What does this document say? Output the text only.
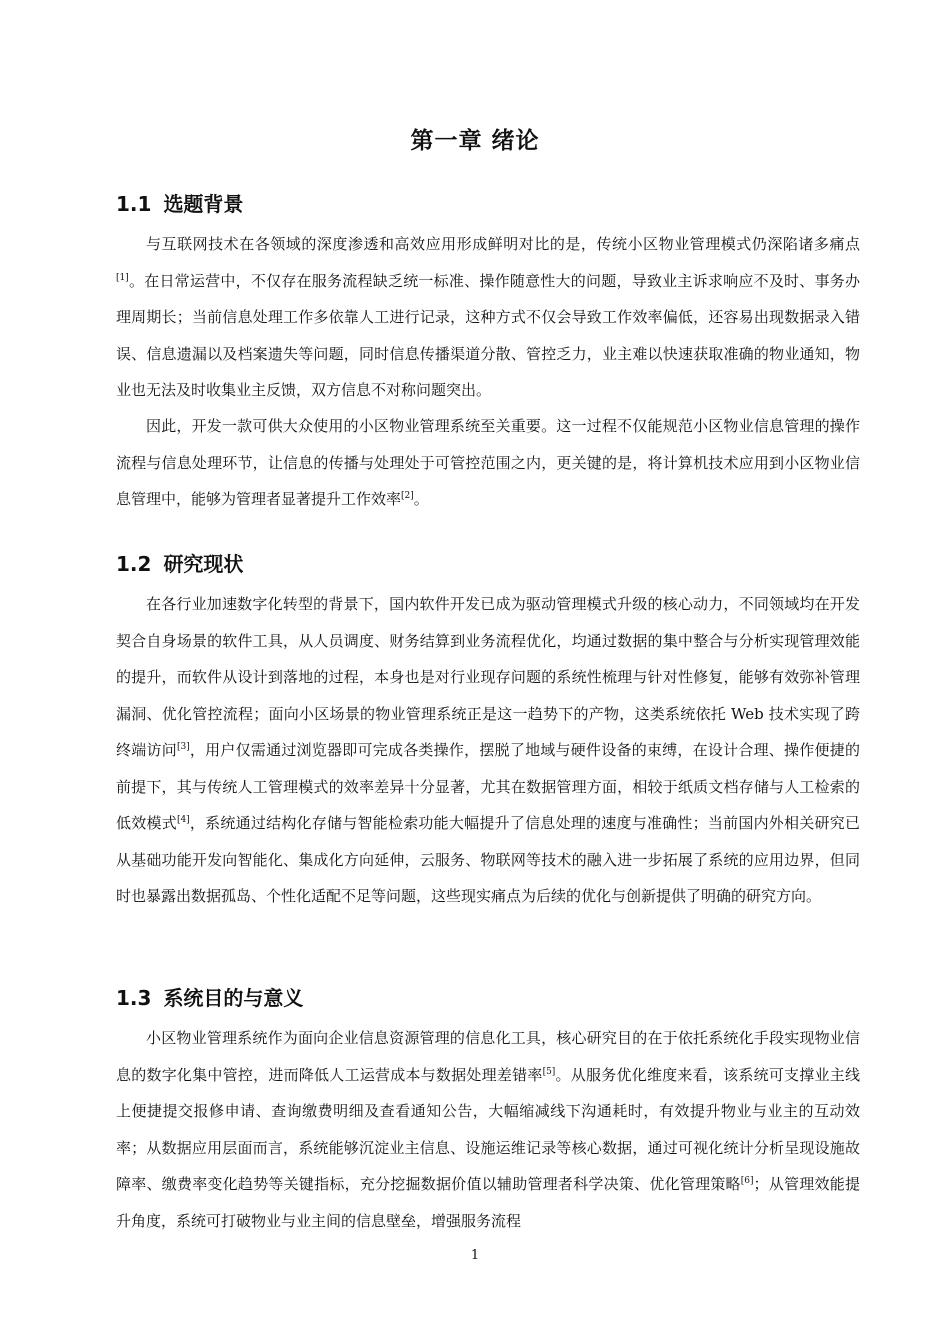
第一章 绪论
1.1 选题背景
与互联网技术在各领域的深度渗透和高效应用形成鲜明对比的是，传统小区物业管理模式仍深陷诸多痛点[1]。在日常运营中，不仅存在服务流程缺乏统一标准、操作随意性大的问题，导致业主诉求响应不及时、事务办理周期长；当前信息处理工作多依靠人工进行记录，这种方式不仅会导致工作效率偏低，还容易出现数据录入错误、信息遗漏以及档案遗失等问题，同时信息传播渠道分散、管控乏力，业主难以快速获取准确的物业通知，物业也无法及时收集业主反馈，双方信息不对称问题突出。
因此，开发一款可供大众使用的小区物业管理系统至关重要。这一过程不仅能规范小区物业信息管理的操作流程与信息处理环节，让信息的传播与处理处于可管控范围之内，更关键的是，将计算机技术应用到小区物业信息管理中，能够为管理者显著提升工作效率[2]。
1.2 研究现状
在各行业加速数字化转型的背景下，国内软件开发已成为驱动管理模式升级的核心动力，不同领域均在开发契合自身场景的软件工具，从人员调度、财务结算到业务流程优化，均通过数据的集中整合与分析实现管理效能的提升，而软件从设计到落地的过程，本身也是对行业现存问题的系统性梳理与针对性修复，能够有效弥补管理漏洞、优化管控流程；面向小区场景的物业管理系统正是这一趋势下的产物，这类系统依托 Web 技术实现了跨终端访问[3]，用户仅需通过浏览器即可完成各类操作，摆脱了地域与硬件设备的束缚，在设计合理、操作便捷的前提下，其与传统人工管理模式的效率差异十分显著，尤其在数据管理方面，相较于纸质文档存储与人工检索的低效模式[4]，系统通过结构化存储与智能检索功能大幅提升了信息处理的速度与准确性；当前国内外相关研究已从基础功能开发向智能化、集成化方向延伸，云服务、物联网等技术的融入进一步拓展了系统的应用边界，但同时也暴露出数据孤岛、个性化适配不足等问题，这些现实痛点为后续的优化与创新提供了明确的研究方向。
1.3 系统目的与意义
小区物业管理系统作为面向企业信息资源管理的信息化工具，核心研究目的在于依托系统化手段实现物业信息的数字化集中管控，进而降低人工运营成本与数据处理差错率[5]。从服务优化维度来看，该系统可支撑业主线上便捷提交报修申请、查询缴费明细及查看通知公告，大幅缩减线下沟通耗时，有效提升物业与业主的互动效率；从数据应用层面而言，系统能够沉淀业主信息、设施运维记录等核心数据，通过可视化统计分析呈现设施故障率、缴费率变化趋势等关键指标，充分挖掘数据价值以辅助管理者科学决策、优化管理策略[6]；从管理效能提升角度，系统可打破物业与业主间的信息壁垒，增强服务流程
1
